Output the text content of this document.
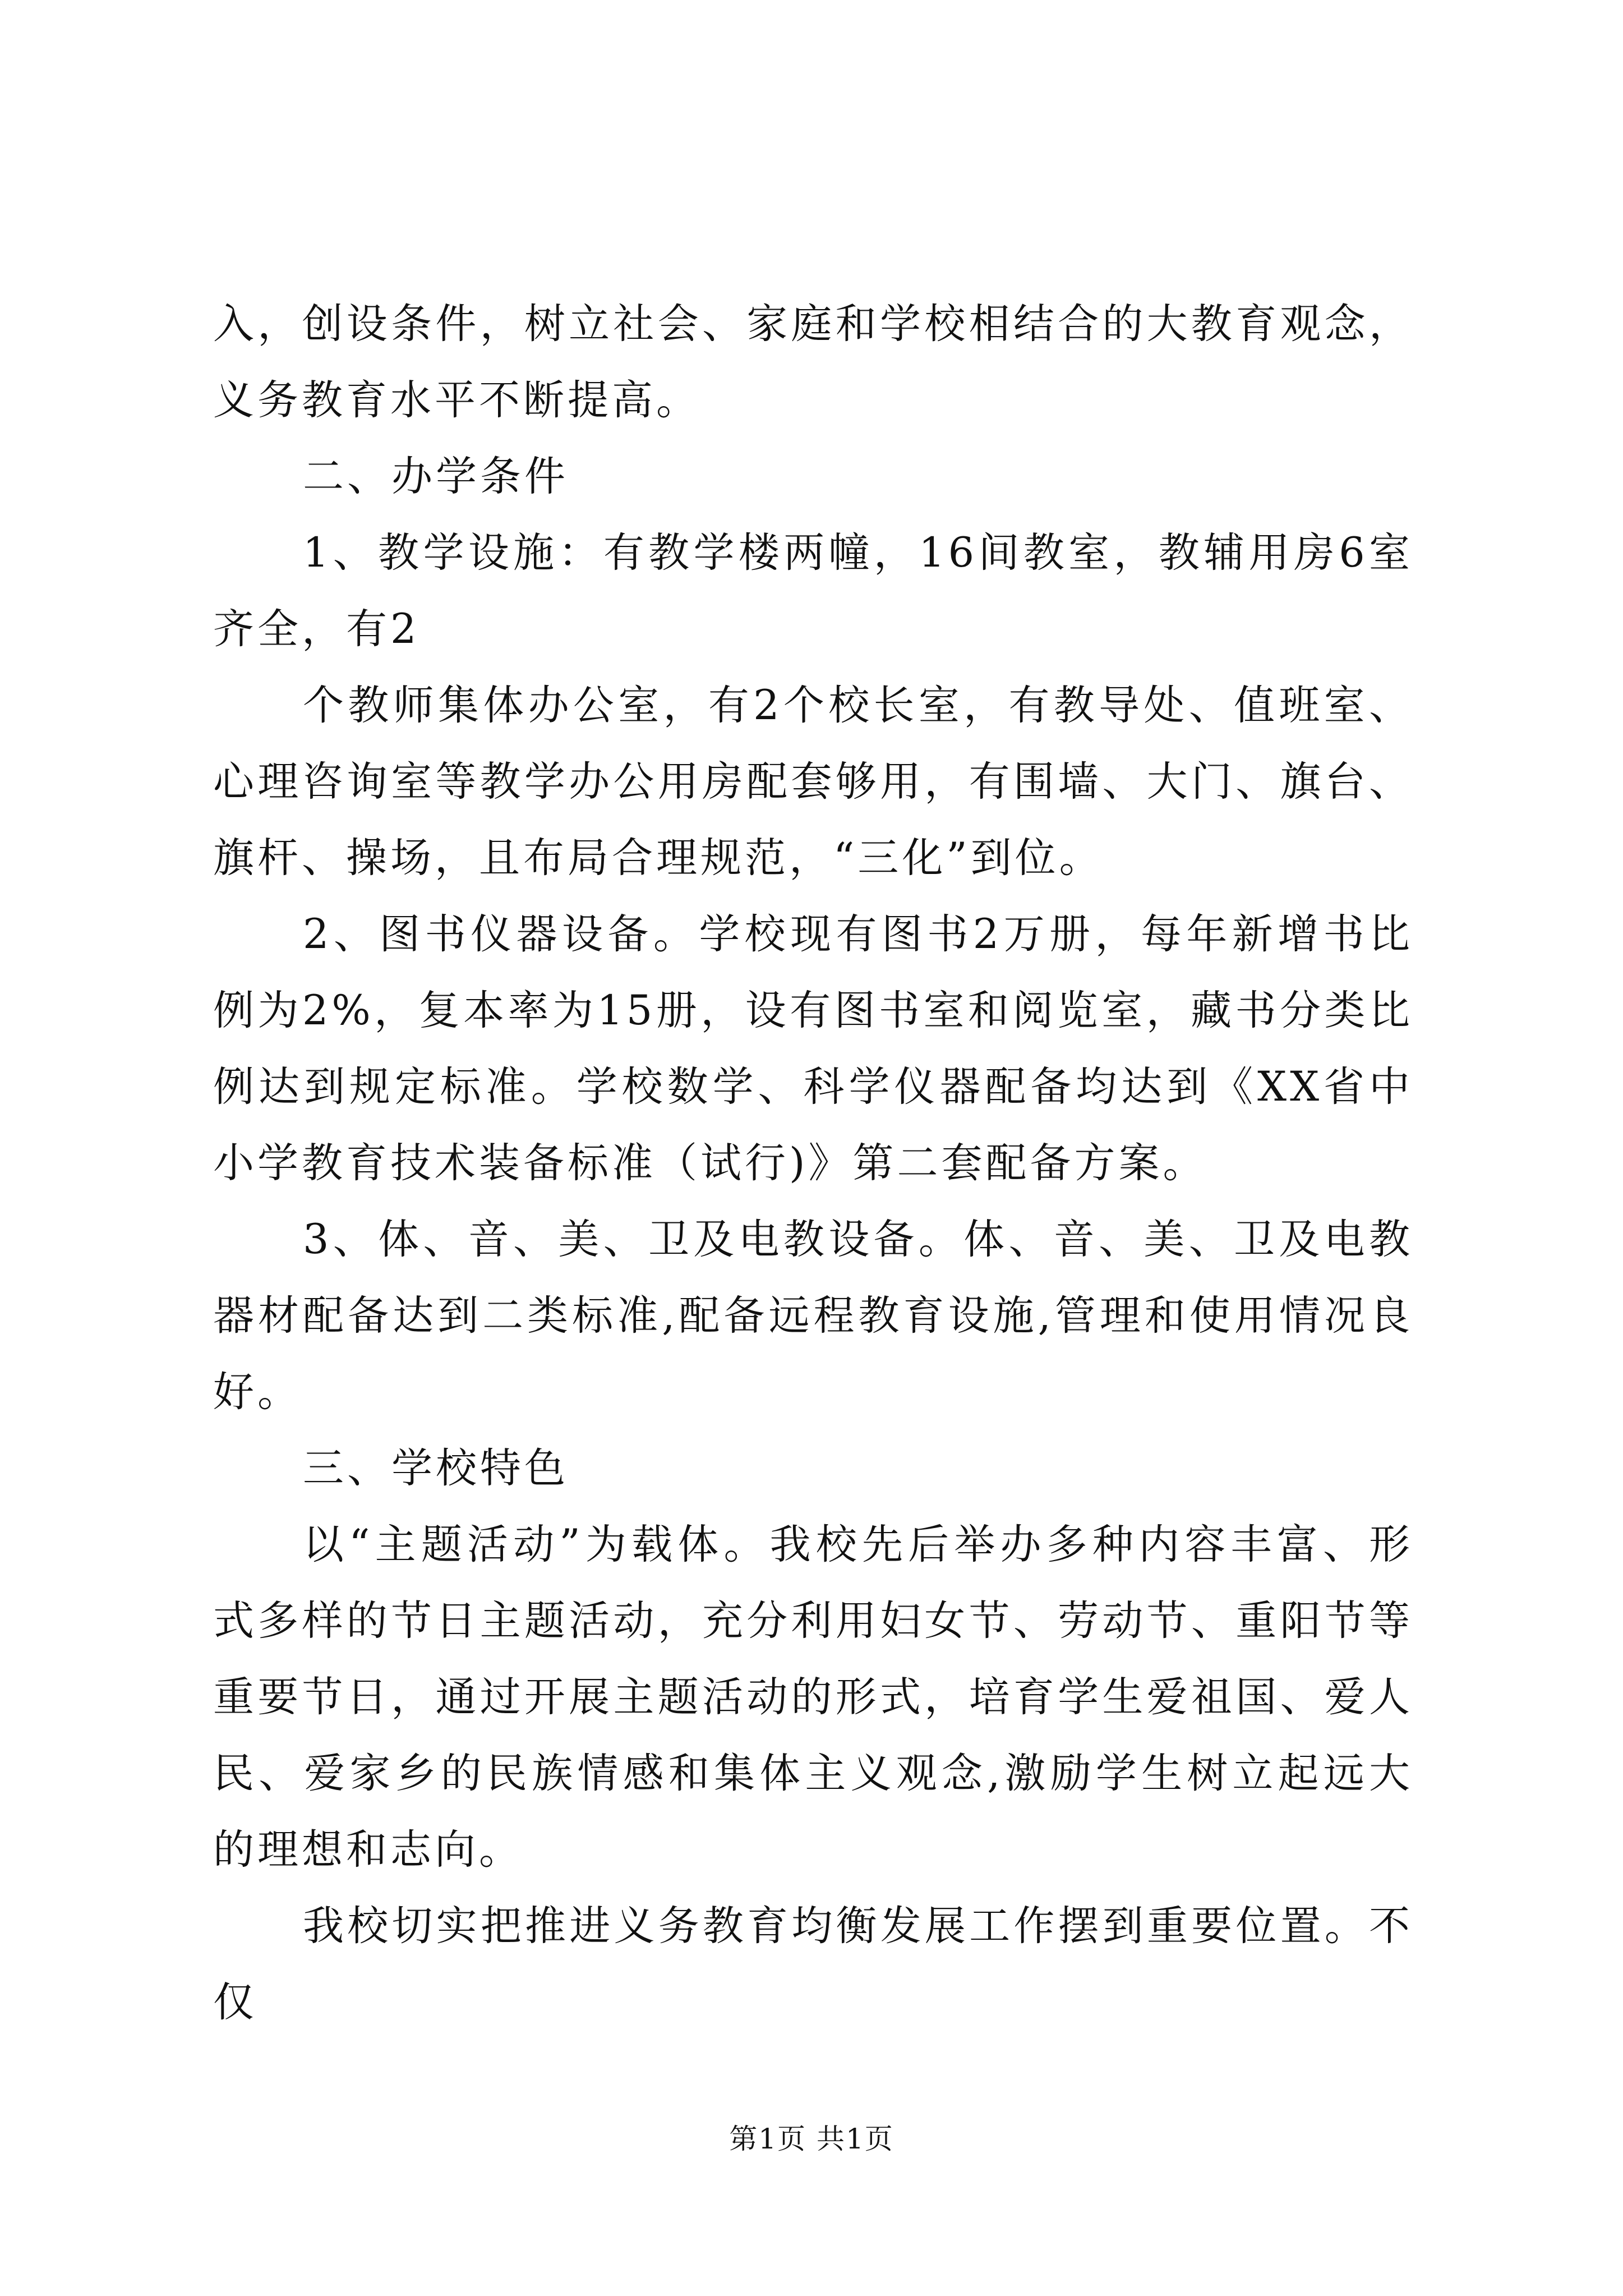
入，创设条件，树立社会、家庭和学校相结合的大教育观念，义务教育水平不断提高。

二、办学条件

1、教学设施：有教学楼两幢，16间教室，教辅用房6室齐全，有2

个教师集体办公室，有2个校长室，有教导处、值班室、心理咨询室等教学办公用房配套够用，有围墙、大门、旗台、旗杆、操场，且布局合理规范，“三化”到位。

2、图书仪器设备。学校现有图书2万册，每年新增书比例为2%，复本率为15册，设有图书室和阅览室，藏书分类比例达到规定标准。学校数学、科学仪器配备均达到《XX省中小学教育技术装备标准（试行)》第二套配备方案。

3、体、音、美、卫及电教设备。体、音、美、卫及电教器材配备达到二类标准,配备远程教育设施,管理和使用情况良好。

三、学校特色

以“主题活动”为载体。我校先后举办多种内容丰富、形式多样的节日主题活动，充分利用妇女节、劳动节、重阳节等重要节日，通过开展主题活动的形式，培育学生爱祖国、爱人民、爱家乡的民族情感和集体主义观念,激励学生树立起远大的理想和志向。

我校切实把推进义务教育均衡发展工作摆到重要位置。不仅

第1页 共1页
